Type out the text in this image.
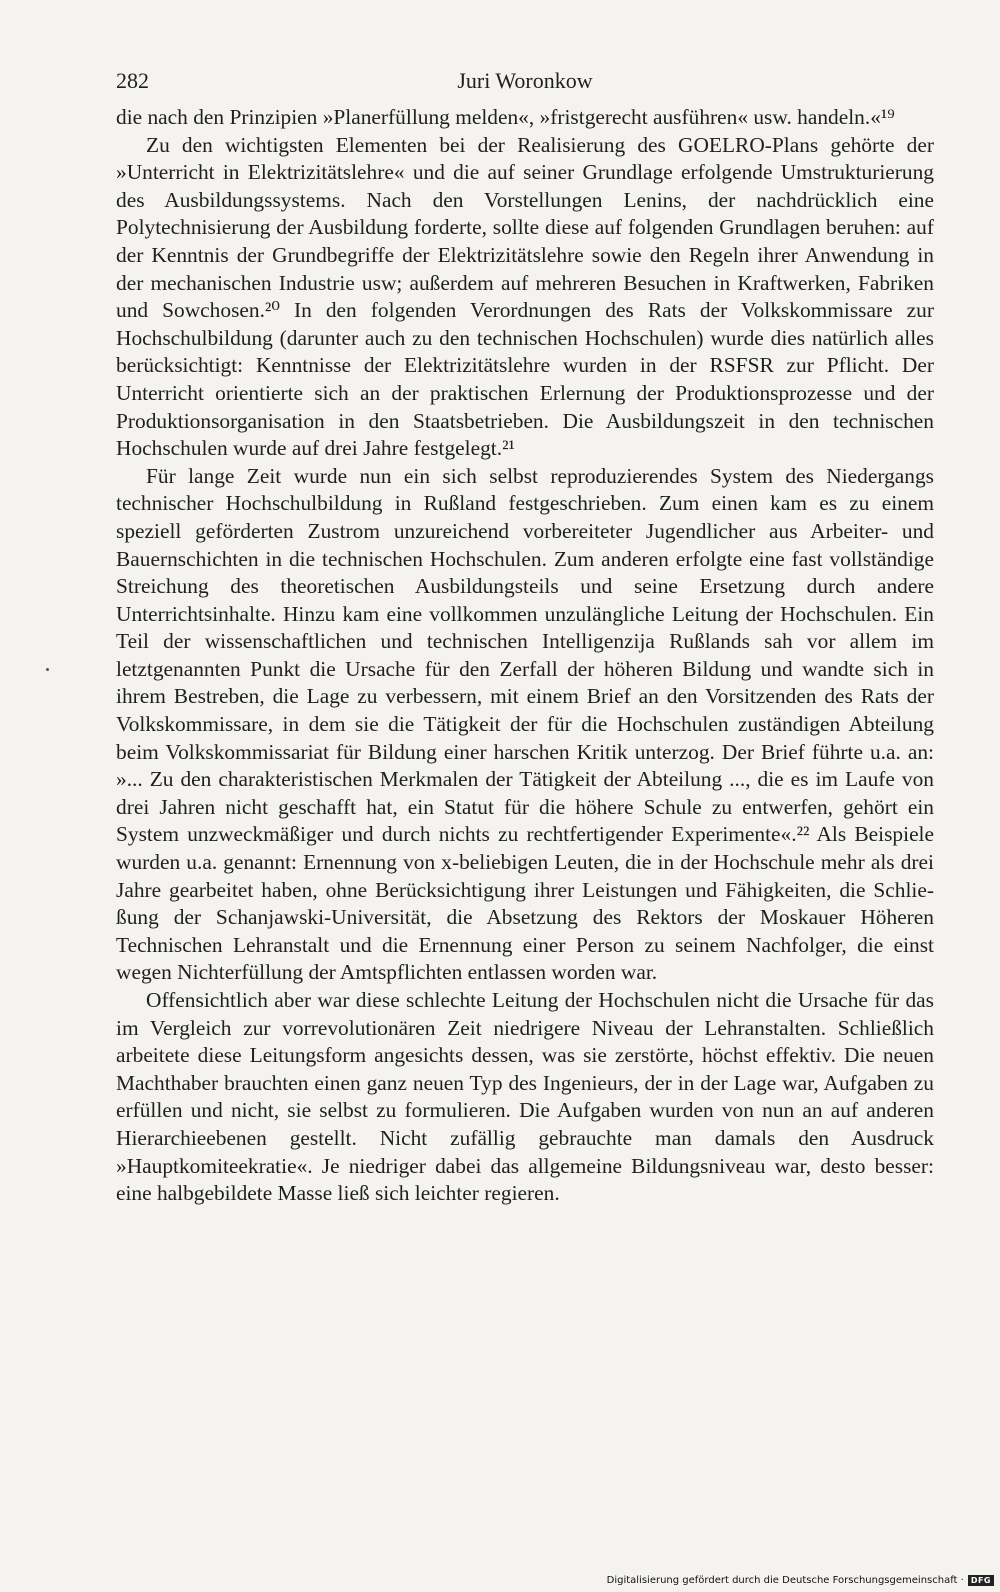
282	Juri Woronkow

die nach den Prinzipien »Planerfüllung melden«, »fristgerecht ausführen« usw. handeln.«¹⁹

Zu den wichtigsten Elementen bei der Realisierung des GOELRO-Plans gehörte der »Unterricht in Elektrizitätslehre« und die auf seiner Grundlage erfolgende Umstrukturierung des Ausbildungssystems. Nach den Vorstellungen Lenins, der nachdrücklich eine Polytechnisierung der Ausbildung forderte, sollte diese auf folgenden Grundlagen beruhen: auf der Kenntnis der Grundbegriffe der Elektrizitätslehre sowie den Regeln ihrer Anwendung in der mechanischen Industrie usw; außerdem auf mehreren Besuchen in Kraftwerken, Fabriken und Sowchosen.²⁰ In den folgenden Verordnungen des Rats der Volkskommissare zur Hochschulbildung (darunter auch zu den technischen Hochschulen) wurde dies natürlich alles berücksichtigt: Kenntnisse der Elektrizitätslehre wurden in der RSFSR zur Pflicht. Der Unterricht orientierte sich an der praktischen Erlernung der Produktionsprozesse und der Produktionsorganisation in den Staatsbetrieben. Die Ausbildungszeit in den technischen Hochschulen wurde auf drei Jahre festgelegt.²¹

Für lange Zeit wurde nun ein sich selbst reproduzierendes System des Niedergangs technischer Hochschulbildung in Rußland festgeschrieben. Zum einen kam es zu einem speziell geförderten Zustrom unzureichend vorbereiteter Jugendlicher aus Arbeiter- und Bauernschichten in die technischen Hochschulen. Zum anderen erfolgte eine fast vollständige Streichung des theoretischen Ausbildungsteils und seine Ersetzung durch andere Unterrichtsinhalte. Hinzu kam eine vollkommen unzulängliche Leitung der Hochschulen. Ein Teil der wissenschaftlichen und technischen Intelligenzija Rußlands sah vor allem im letztgenannten Punkt die Ursache für den Zerfall der höheren Bildung und wandte sich in ihrem Bestreben, die Lage zu verbessern, mit einem Brief an den Vorsitzenden des Rats der Volkskommissare, in dem sie die Tätigkeit der für die Hochschulen zuständigen Abteilung beim Volkskommissariat für Bildung einer harschen Kritik unterzog. Der Brief führte u.a. an: »... Zu den charakteristischen Merkmalen der Tätigkeit der Abteilung ..., die es im Laufe von drei Jahren nicht geschafft hat, ein Statut für die höhere Schule zu entwerfen, gehört ein System unzweckmäßiger und durch nichts zu rechtfertigender Experimente«.²² Als Beispiele wurden u.a. genannt: Ernennung von x-beliebigen Leuten, die in der Hochschule mehr als drei Jahre gearbeitet haben, ohne Berücksichtigung ihrer Leistungen und Fähigkeiten, die Schließung der Schanjawski-Universität, die Absetzung des Rektors der Moskauer Höheren Technischen Lehranstalt und die Ernennung einer Person zu seinem Nachfolger, die einst wegen Nichterfüllung der Amtspflichten entlassen worden war.

Offensichtlich aber war diese schlechte Leitung der Hochschulen nicht die Ursache für das im Vergleich zur vorrevolutionären Zeit niedrigere Niveau der Lehranstalten. Schließlich arbeitete diese Leitungsform angesichts dessen, was sie zerstörte, höchst effektiv. Die neuen Machthaber brauchten einen ganz neuen Typ des Ingenieurs, der in der Lage war, Aufgaben zu erfüllen und nicht, sie selbst zu formulieren. Die Aufgaben wurden von nun an auf anderen Hierarchieebenen gestellt. Nicht zufällig gebrauchte man damals den Ausdruck »Hauptkomiteekratie«. Je niedriger dabei das allgemeine Bildungsniveau war, desto besser: eine halbgebildete Masse ließ sich leichter regieren.

Digitalisierung gefördert durch die Deutsche Forschungsgemeinschaft · DFG
